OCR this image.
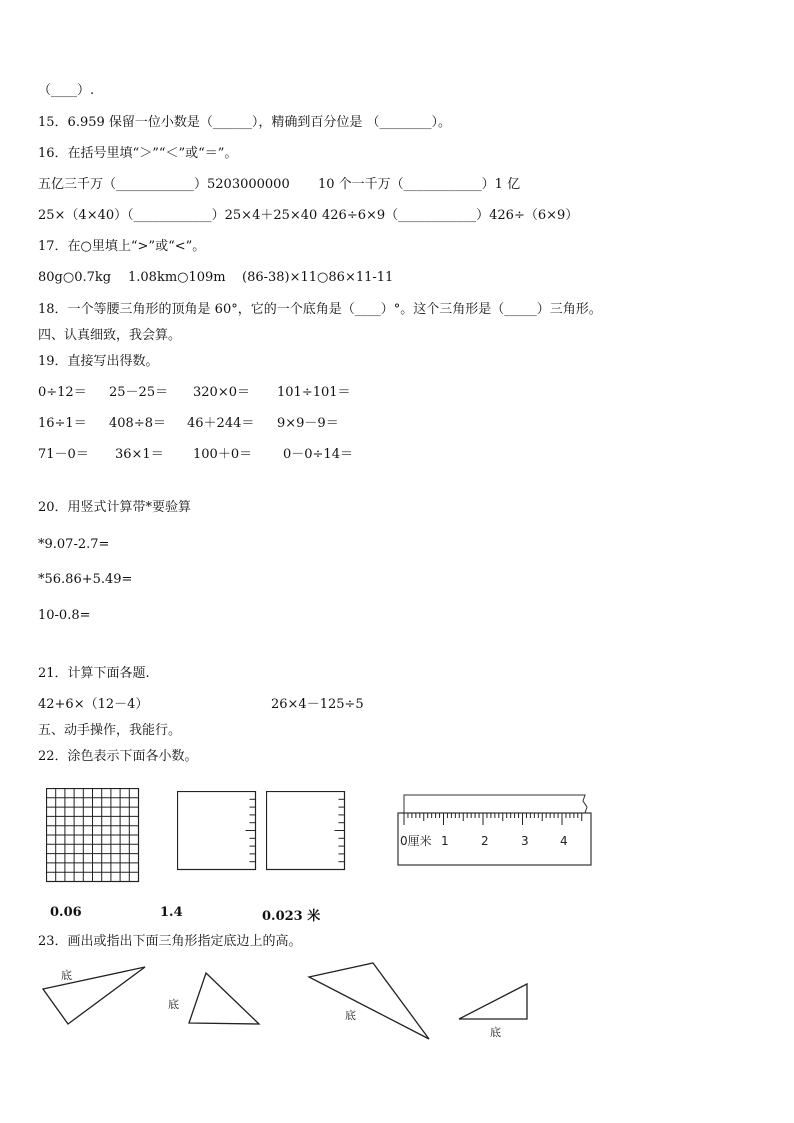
（____）.
15．6.959 保留一位小数是（______），精确到百分位是 （________）。
16．在括号里填“＞”“＜”或“＝”。
五亿三千万（____________）5203000000 10 个一千万（____________）1 亿
25×（4×40）（____________）25×4＋25×40 426÷6×9（____________）426÷（6×9）
17．在○里填上“>”或“<”。
80g○0.7kg 1.08km○109m (86-38)×11○86×11-11
18．一个等腰三角形的顶角是 60°，它的一个底角是（____）°。这个三角形是（_____）三角形。
四、认真细致，我会算。
19．直接写出得数。
0÷12＝ 25－25＝ 320×0＝ 101÷101＝
16÷1＝ 408÷8＝ 46＋244＝ 9×9－9＝
71－0＝ 36×1＝ 100＋0＝ 0－0÷14＝
20．用竖式计算带*要验算
*9.07-2.7=
*56.86+5.49=
10-0.8=
21．计算下面各题.
42+6×（12－4）	26×4－125÷5
五、动手操作，我能行。
22．涂色表示下面各小数。
0厘米 1	2	3	4
0.06	1.4	0.023 米
23．画出或指出下面三角形指定底边上的高。
底
底
底
底
